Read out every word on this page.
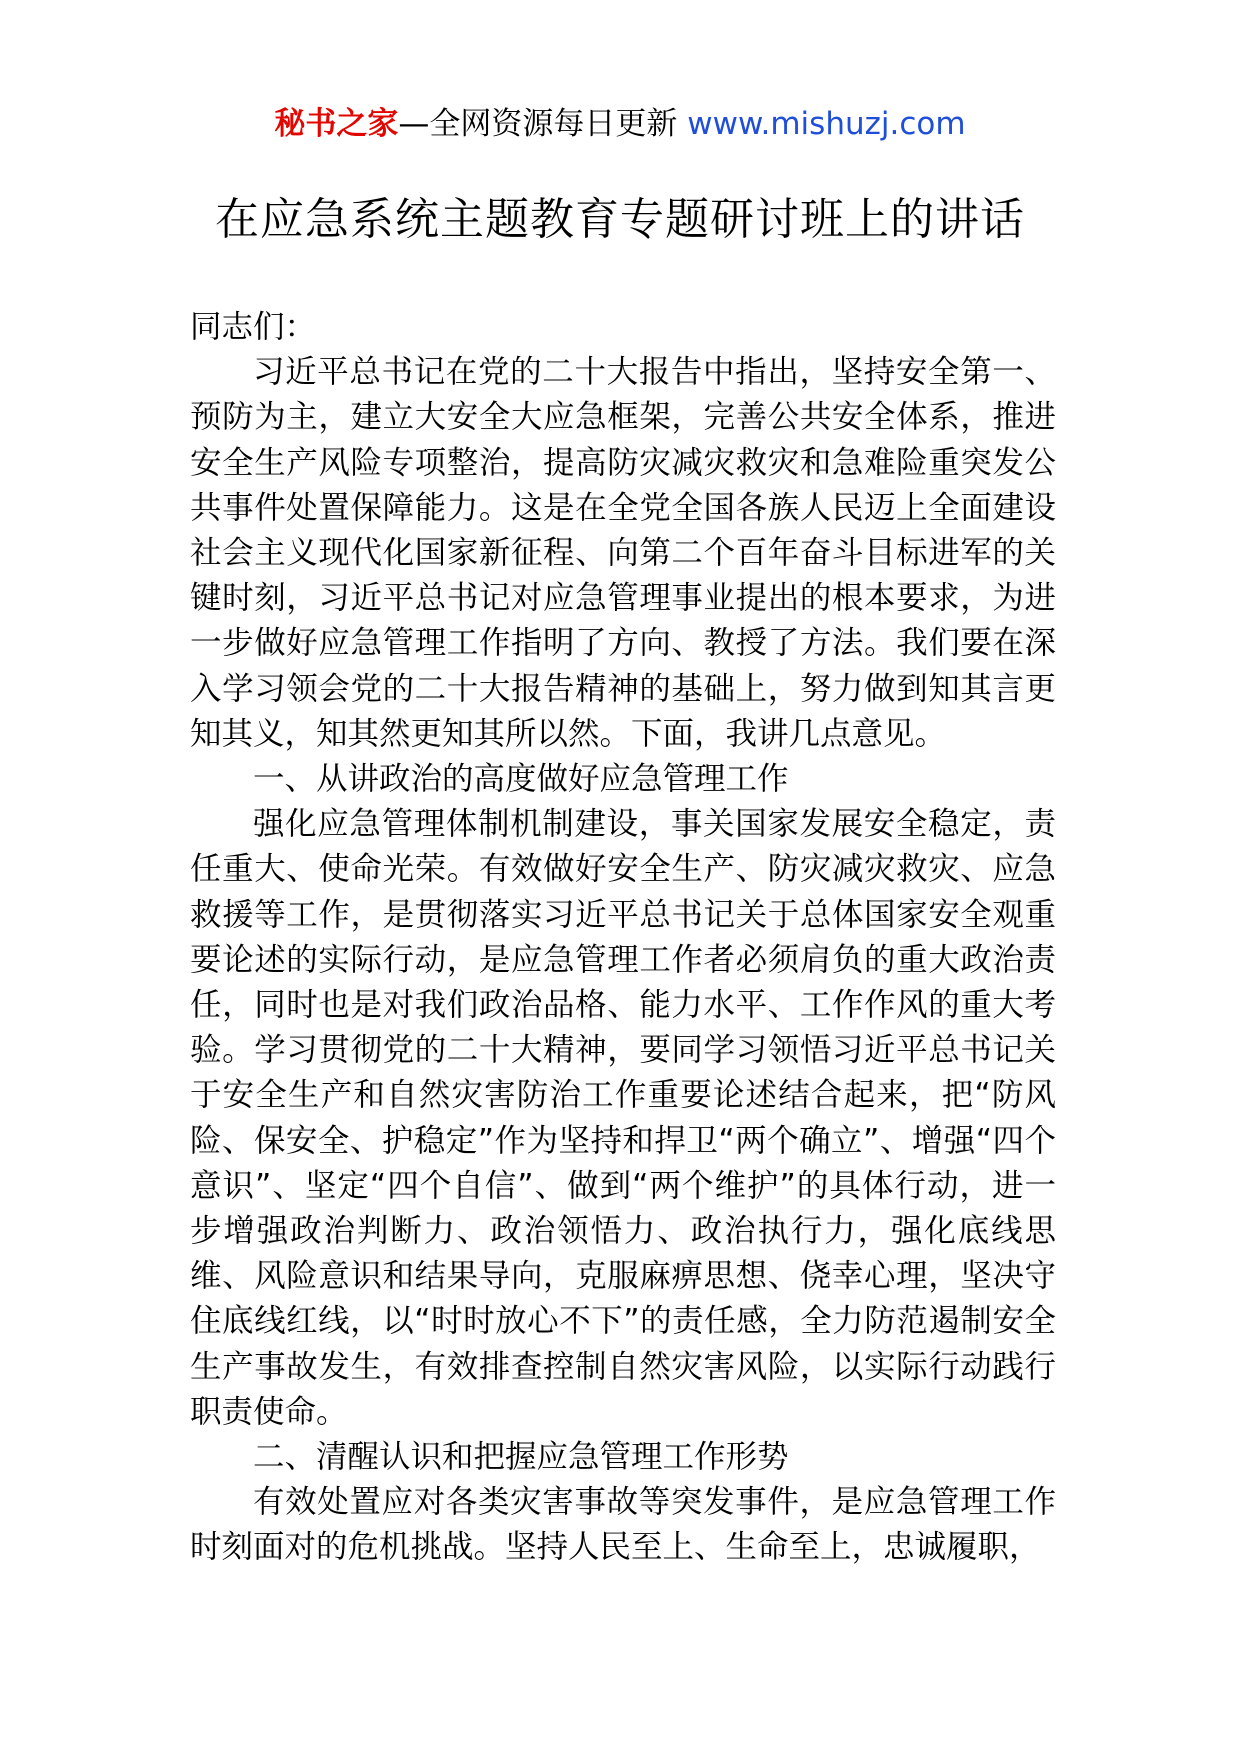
秘书之家—全网资源每日更新 www.mishuzj.com
在应急系统主题教育专题研讨班上的讲话

同志们：

习近平总书记在党的二十大报告中指出，坚持安全第一、预防为主，建立大安全大应急框架，完善公共安全体系，推进安全生产风险专项整治，提高防灾减灾救灾和急难险重突发公共事件处置保障能力。这是在全党全国各族人民迈上全面建设社会主义现代化国家新征程、向第二个百年奋斗目标进军的关键时刻，习近平总书记对应急管理事业提出的根本要求，为进一步做好应急管理工作指明了方向、教授了方法。我们要在深入学习领会党的二十大报告精神的基础上，努力做到知其言更知其义，知其然更知其所以然。下面，我讲几点意见。

一、从讲政治的高度做好应急管理工作

强化应急管理体制机制建设，事关国家发展安全稳定，责任重大、使命光荣。有效做好安全生产、防灾减灾救灾、应急救援等工作，是贯彻落实习近平总书记关于总体国家安全观重要论述的实际行动，是应急管理工作者必须肩负的重大政治责任，同时也是对我们政治品格、能力水平、工作作风的重大考验。学习贯彻党的二十大精神，要同学习领悟习近平总书记关于安全生产和自然灾害防治工作重要论述结合起来，把“防风险、保安全、护稳定”作为坚持和捍卫“两个确立”、增强“四个意识”、坚定“四个自信”、做到“两个维护”的具体行动，进一步增强政治判断力、政治领悟力、政治执行力，强化底线思维、风险意识和结果导向，克服麻痹思想、侥幸心理，坚决守住底线红线，以“时时放心不下”的责任感，全力防范遏制安全生产事故发生，有效排查控制自然灾害风险，以实际行动践行职责使命。

二、清醒认识和把握应急管理工作形势

有效处置应对各类灾害事故等突发事件，是应急管理工作时刻面对的危机挑战。坚持人民至上、生命至上，忠诚履职，
